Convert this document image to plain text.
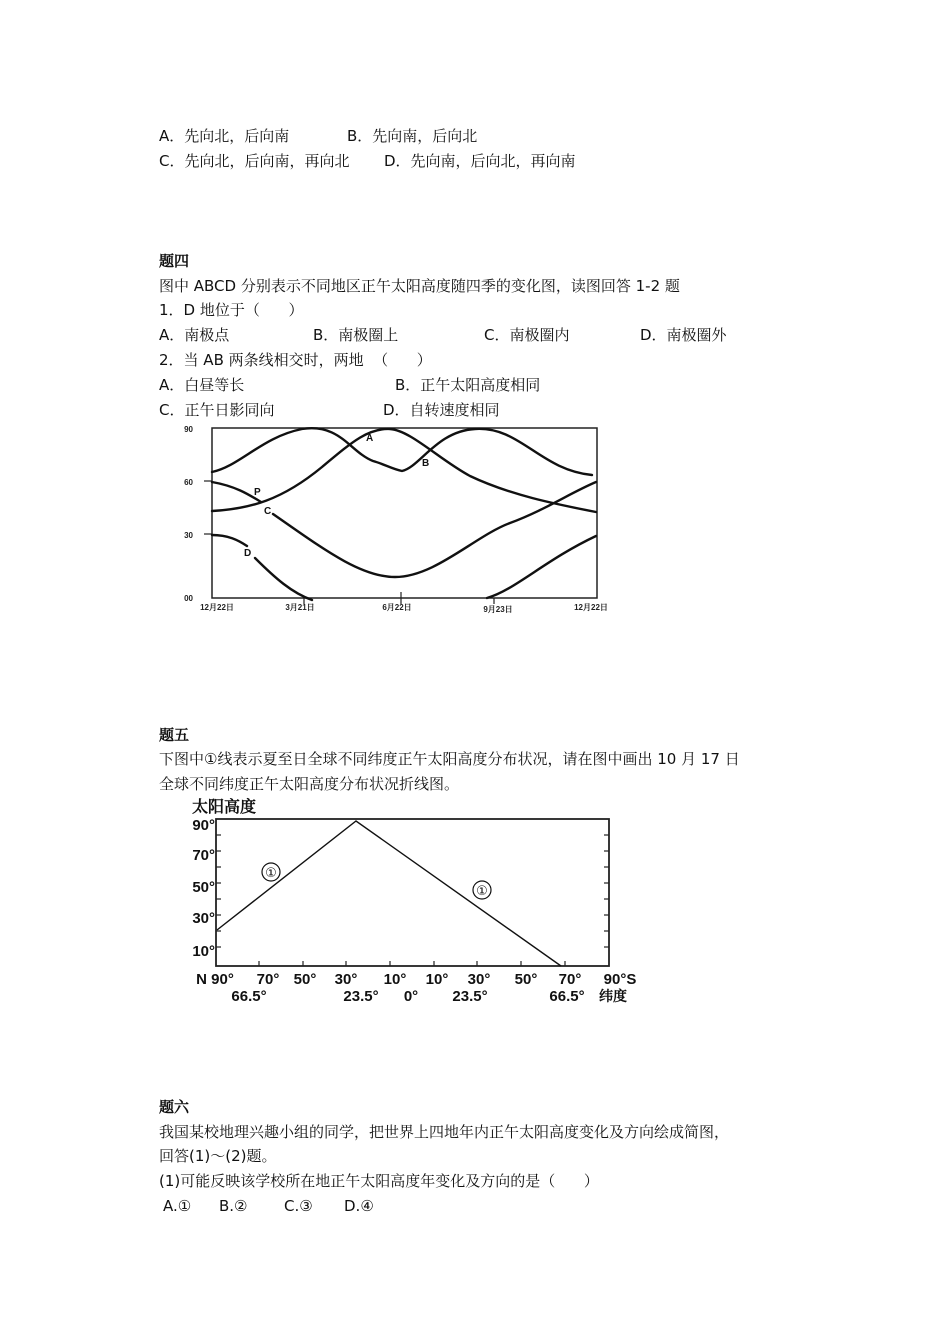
A．先向北，后向南	B．先向南，后向北
C．先向北，后向南，再向北 D．先向南，后向北，再向南
题四
图中 ABCD 分别表示不同地区正午太阳高度随四季的变化图，读图回答 1-2 题
1．D 地位于（      ）
A．南极点	B．南极圈上	C．南极圈内	D．南极圈外
2．当 AB 两条线相交时，两地  （      ）
A．白昼等长	B．正午太阳高度相同
C．正午日影同向	D．自转速度相同
90
60
30
00
12月22日	3月21日	6月22日	9月23日	12月22日
A
B
C
D
P
题五
下图中①线表示夏至日全球不同纬度正午太阳高度分布状况，请在图中画出 10 月 17 日
全球不同纬度正午太阳高度分布状况折线图。
太阳高度
90°
70°
50°
30°
10°
①
①
N 90° 70° 50° 30° 10° 10° 30° 50° 70° 90°S
66.5°	23.5° 0° 23.5°	66.5° 纬度
题六
我国某校地理兴趣小组的同学，把世界上四地年内正午太阳高度变化及方向绘成简图，
回答(1)～(2)题。
(1)可能反映该学校所在地正午太阳高度年变化及方向的是（      ）
A.① B.② C.③ D.④
